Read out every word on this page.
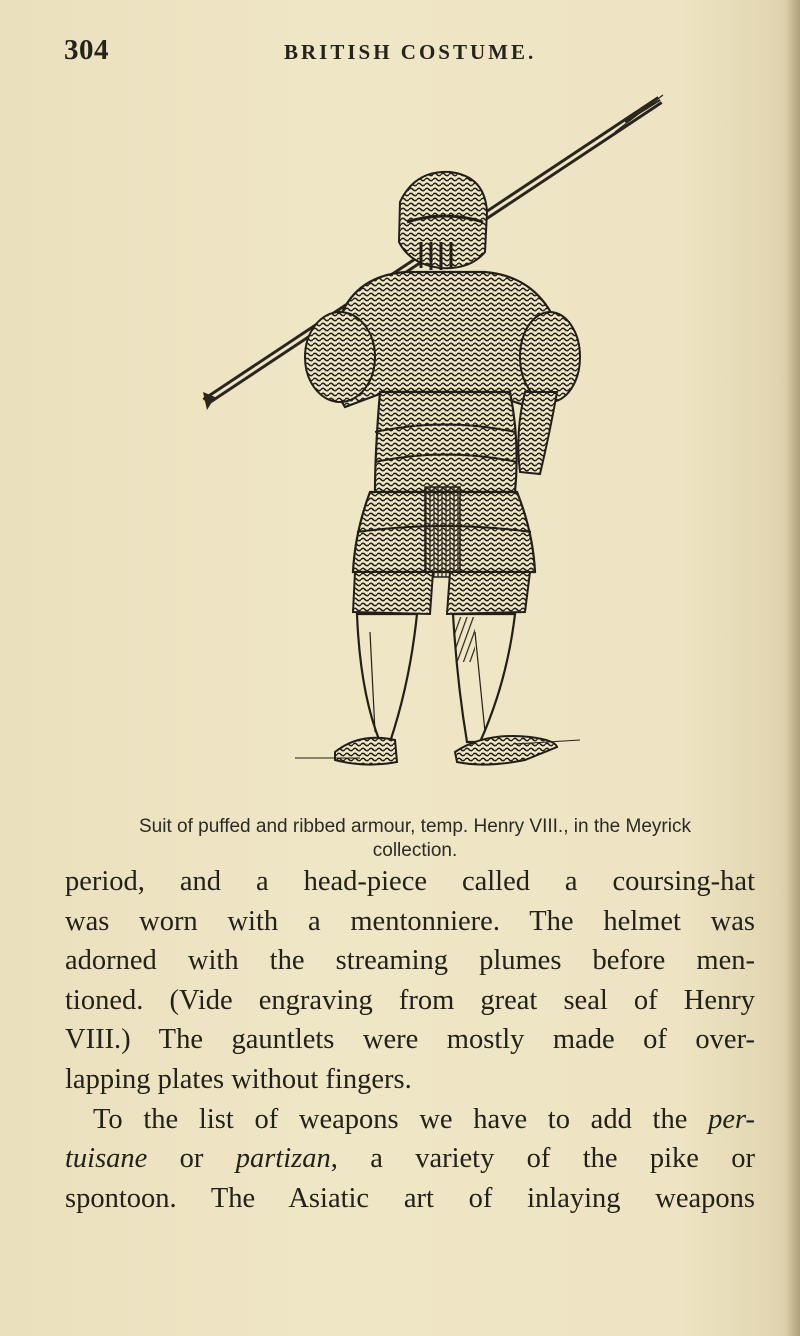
304	BRITISH COSTUME.
Suit of puffed and ribbed armour, temp. Henry VIII., in the Meyrick
collection.
period, and a head-piece called a coursing-hat
was worn with a mentonniere. The helmet was
adorned with the streaming plumes before men-
tioned. (Vide engraving from great seal of Henry
VIII.) The gauntlets were mostly made of over-
lapping plates without fingers.
To the list of weapons we have to add the per-
tuisane or partizan, a variety of the pike or
spontoon. The Asiatic art of inlaying weapons
